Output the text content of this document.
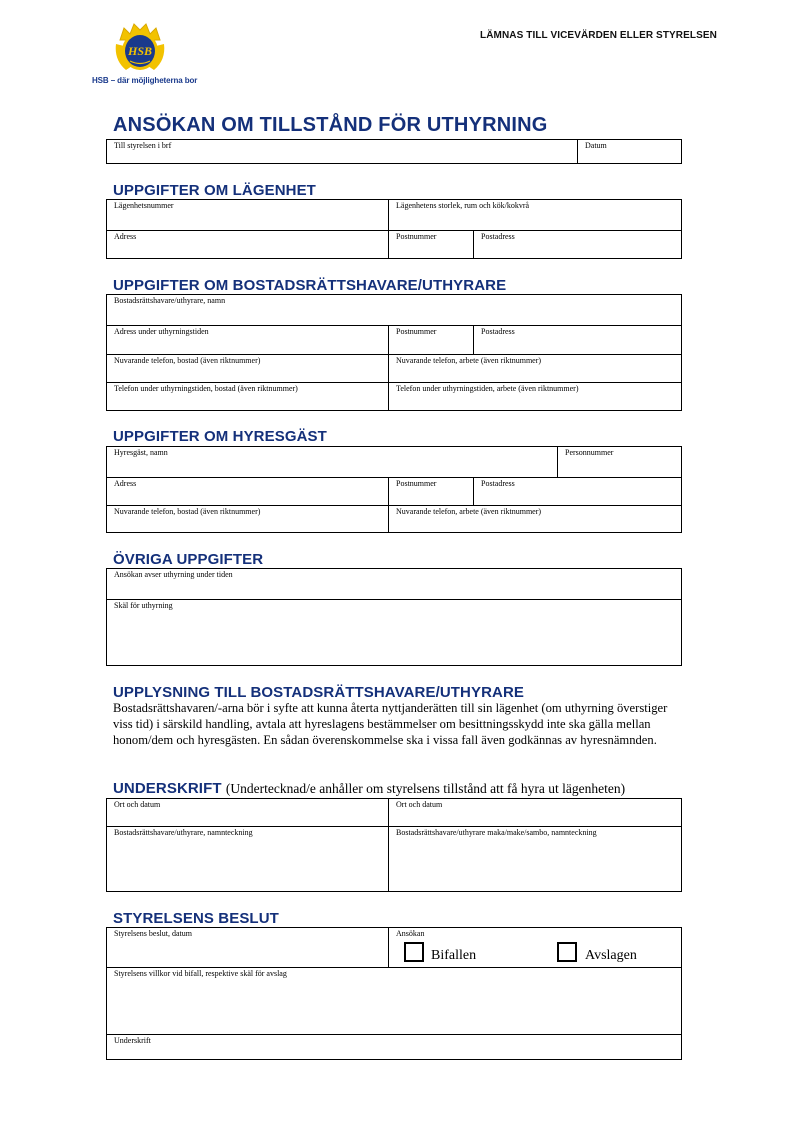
HSB
HSB – där möjligheterna bor
LÄMNAS TILL VICEVÄRDEN ELLER STYRELSEN
ANSÖKAN OM TILLSTÅND FÖR UTHYRNING
Till styrelsen i brf	Datum
UPPGIFTER OM LÄGENHET
Lägenhetsnummer	Lägenhetens storlek, rum och kök/kokvrå
Adress	Postnummer	Postadress
UPPGIFTER OM BOSTADSRÄTTSHAVARE/UTHYRARE
Bostadsrättshavare/uthyrare, namn
Adress under uthyrningstiden	Postnummer	Postadress
Nuvarande telefon, bostad (även riktnummer)	Nuvarande telefon, arbete (även riktnummer)
Telefon under uthyrningstiden, bostad (även riktnummer)	Telefon under uthyrningstiden, arbete (även riktnummer)
UPPGIFTER OM HYRESGÄST
Hyresgäst, namn	Personnummer
Adress	Postnummer	Postadress
Nuvarande telefon, bostad (även riktnummer)	Nuvarande telefon, arbete (även riktnummer)
ÖVRIGA UPPGIFTER
Ansökan avser uthyrning under tiden
Skäl för uthyrning
UPPLYSNING TILL BOSTADSRÄTTSHAVARE/UTHYRARE
Bostadsrättshavaren/-arna bör i syfte att kunna återta nyttjanderätten till sin lägenhet (om uthyrning överstiger viss tid) i särskild handling, avtala att hyreslagens bestämmelser om besittningsskydd inte ska gälla mellan honom/dem och hyresgästen. En sådan överenskommelse ska i vissa fall även godkännas av hyresnämnden.
UNDERSKRIFT (Undertecknad/e anhåller om styrelsens tillstånd att få hyra ut lägenheten)
Ort och datum	Ort och datum
Bostadsrättshavare/uthyrare, namnteckning	Bostadsrättshavare/uthyrare maka/make/sambo, namnteckning
STYRELSENS BESLUT
Styrelsens beslut, datum	Ansökan
Bifallen	Avslagen
Styrelsens villkor vid bifall, respektive skäl för avslag
Underskrift
